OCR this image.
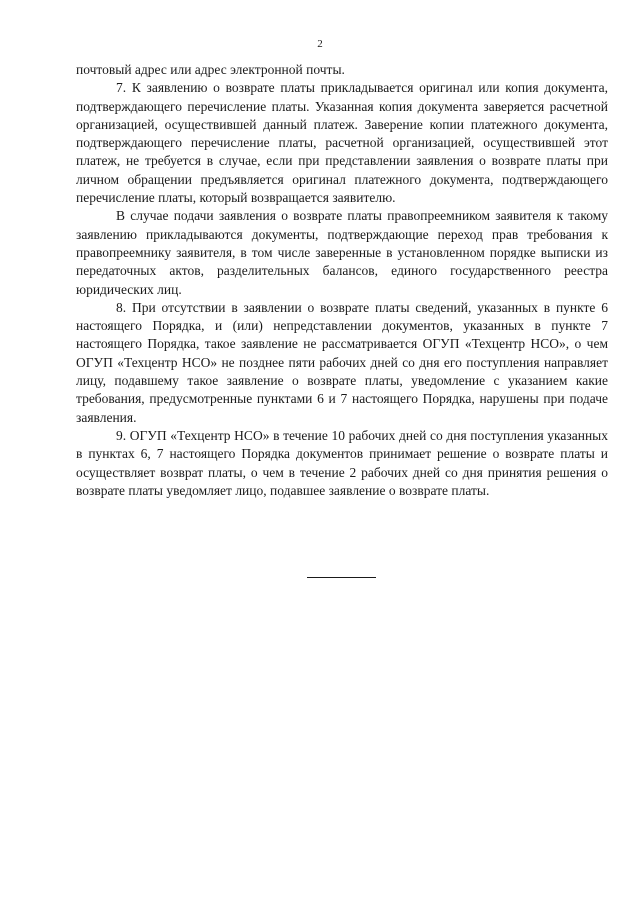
2

почтовый адрес или адрес электронной почты.

7. К заявлению о возврате платы прикладывается оригинал или копия документа, подтверждающего перечисление платы. Указанная копия документа заверяется расчетной организацией, осуществившей данный платеж. Заверение копии платежного документа, подтверждающего перечисление платы, расчетной организацией, осуществившей этот платеж, не требуется в случае, если при представлении заявления о возврате платы при личном обращении предъявляется оригинал платежного документа, подтверждающего перечисление платы, который возвращается заявителю.

В случае подачи заявления о возврате платы правопреемником заявителя к такому заявлению прикладываются документы, подтверждающие переход прав требования к правопреемнику заявителя, в том числе заверенные в установленном порядке выписки из передаточных актов, разделительных балансов, единого государственного реестра юридических лиц.

8. При отсутствии в заявлении о возврате платы сведений, указанных в пункте 6 настоящего Порядка, и (или) непредставлении документов, указанных в пункте 7 настоящего Порядка, такое заявление не рассматривается ОГУП «Техцентр НСО», о чем ОГУП «Техцентр НСО» не позднее пяти рабочих дней со дня его поступления направляет лицу, подавшему такое заявление о возврате платы, уведомление с указанием какие требования, предусмотренные пунктами 6 и 7 настоящего Порядка, нарушены при подаче заявления.

9. ОГУП «Техцентр НСО» в течение 10 рабочих дней со дня поступления указанных в пунктах 6, 7 настоящего Порядка документов принимает решение о возврате платы и осуществляет возврат платы, о чем в течение 2 рабочих дней со дня принятия решения о возврате платы уведомляет лицо, подавшее заявление о возврате платы.
